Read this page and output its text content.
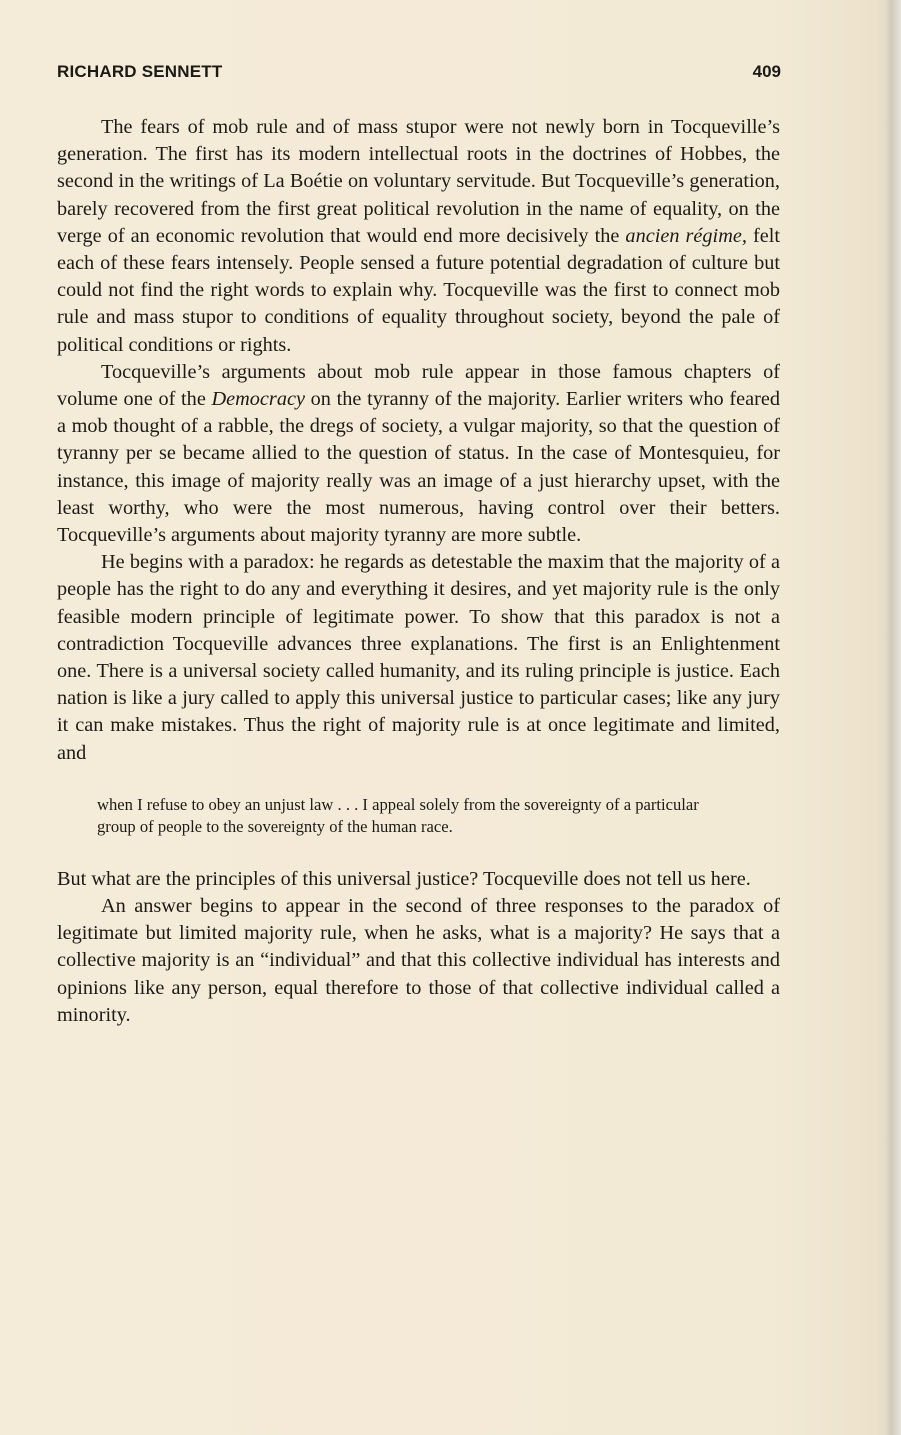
RICHARD SENNETT	409

The fears of mob rule and of mass stupor were not newly born in Tocqueville’s generation. The first has its modern intellectual roots in the doctrines of Hobbes, the second in the writings of La Boétie on voluntary servitude. But Tocqueville’s generation, barely recovered from the first great political revolution in the name of equality, on the verge of an economic revolution that would end more decisively the ancien régime, felt each of these fears intensely. People sensed a future potential degradation of culture but could not find the right words to explain why. Tocqueville was the first to connect mob rule and mass stupor to conditions of equality throughout society, beyond the pale of political conditions or rights.

Tocqueville’s arguments about mob rule appear in those famous chapters of volume one of the Democracy on the tyranny of the majority. Earlier writers who feared a mob thought of a rabble, the dregs of society, a vulgar majority, so that the question of tyranny per se became allied to the question of status. In the case of Montesquieu, for instance, this image of majority really was an image of a just hierarchy upset, with the least worthy, who were the most numerous, having control over their betters. Tocqueville’s arguments about majority tyranny are more subtle.

He begins with a paradox: he regards as detestable the maxim that the majority of a people has the right to do any and everything it desires, and yet majority rule is the only feasible modern principle of legitimate power. To show that this paradox is not a contradiction Tocqueville advances three explanations. The first is an Enlightenment one. There is a universal society called humanity, and its ruling principle is justice. Each nation is like a jury called to apply this universal justice to particular cases; like any jury it can make mistakes. Thus the right of majority rule is at once legitimate and limited, and

when I refuse to obey an unjust law . . . I appeal solely from the sovereignty of a particular group of people to the sovereignty of the human race.

But what are the principles of this universal justice? Tocqueville does not tell us here.

An answer begins to appear in the second of three responses to the paradox of legitimate but limited majority rule, when he asks, what is a majority? He says that a collective majority is an “individual” and that this collective individual has interests and opinions like any person, equal therefore to those of that collective individual called a minority.
